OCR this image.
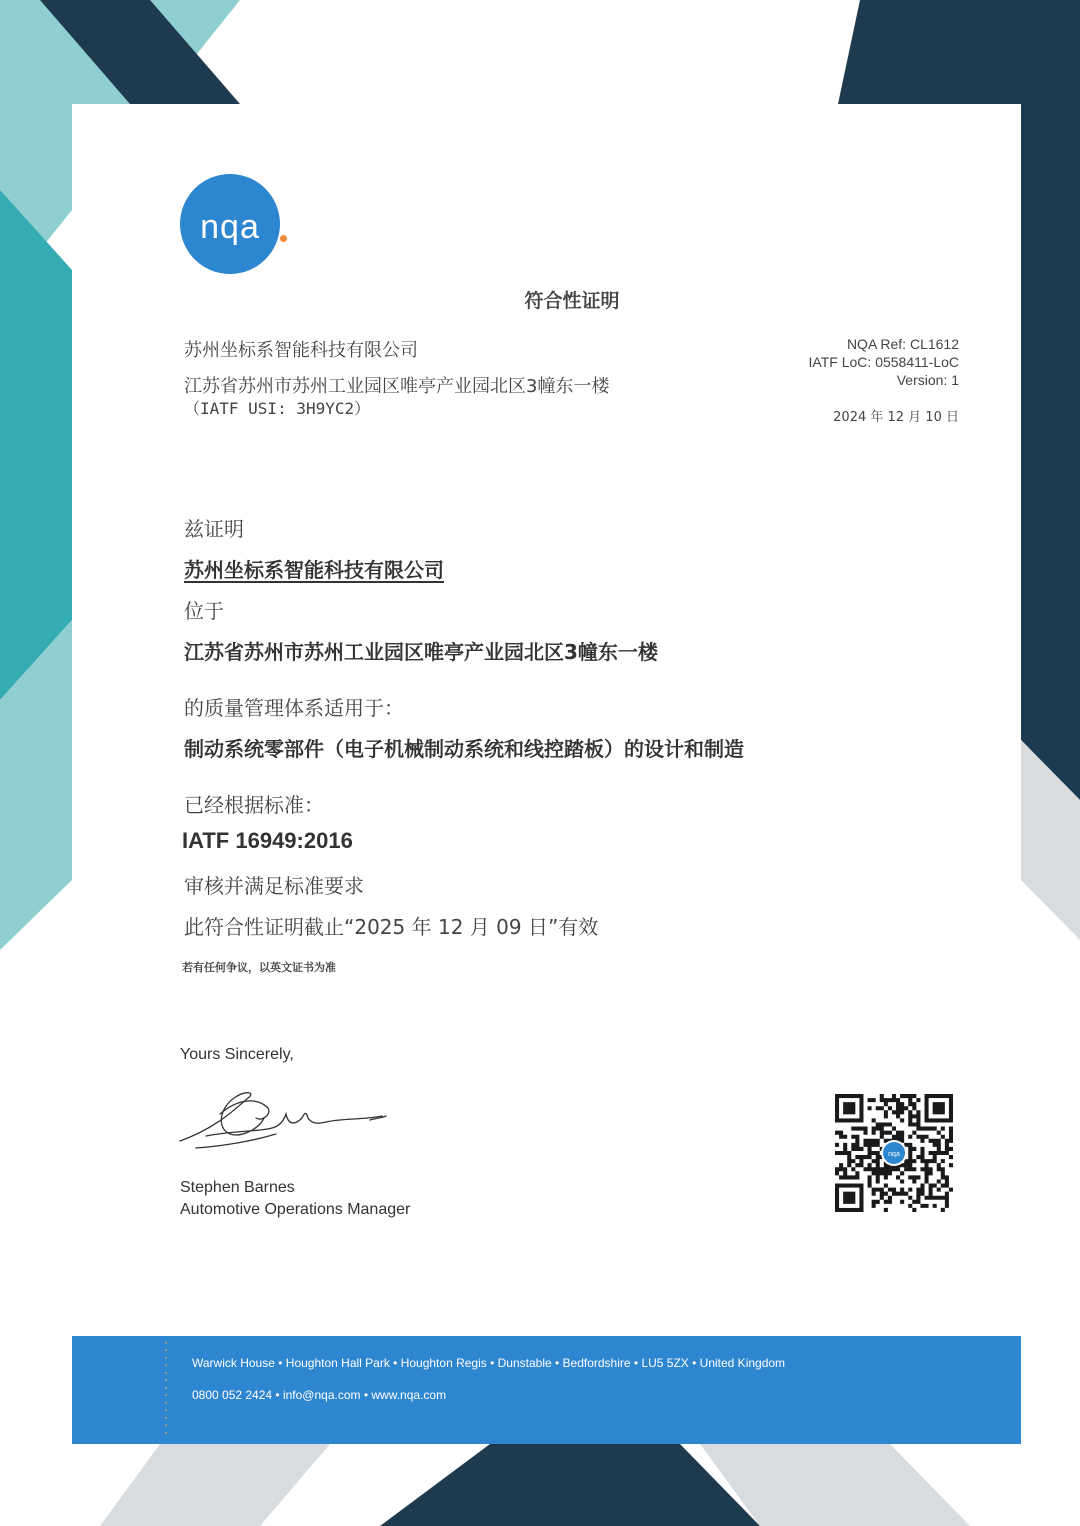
nqa
符合性证明
苏州坐标系智能科技有限公司
江苏省苏州市苏州工业园区唯亭产业园北区3幢东一楼
（IATF USI: 3H9YC2）
NQA Ref: CL1612
IATF LoC: 0558411-LoC
Version: 1
2024 年 12 月 10 日
兹证明
苏州坐标系智能科技有限公司
位于
江苏省苏州市苏州工业园区唯亭产业园北区3幢东一楼
的质量管理体系适用于：
制动系统零部件（电子机械制动系统和线控踏板）的设计和制造
已经根据标准：
IATF 16949:2016
审核并满足标准要求
此符合性证明截止“2025 年 12 月 09 日”有效
若有任何争议，以英文证书为准
Yours Sincerely,
Stephen Barnes
Automotive Operations Manager
nqa
Warwick House • Houghton Hall Park • Houghton Regis • Dunstable • Bedfordshire • LU5 5ZX • United Kingdom
0800 052 2424 • info@nqa.com • www.nqa.com
